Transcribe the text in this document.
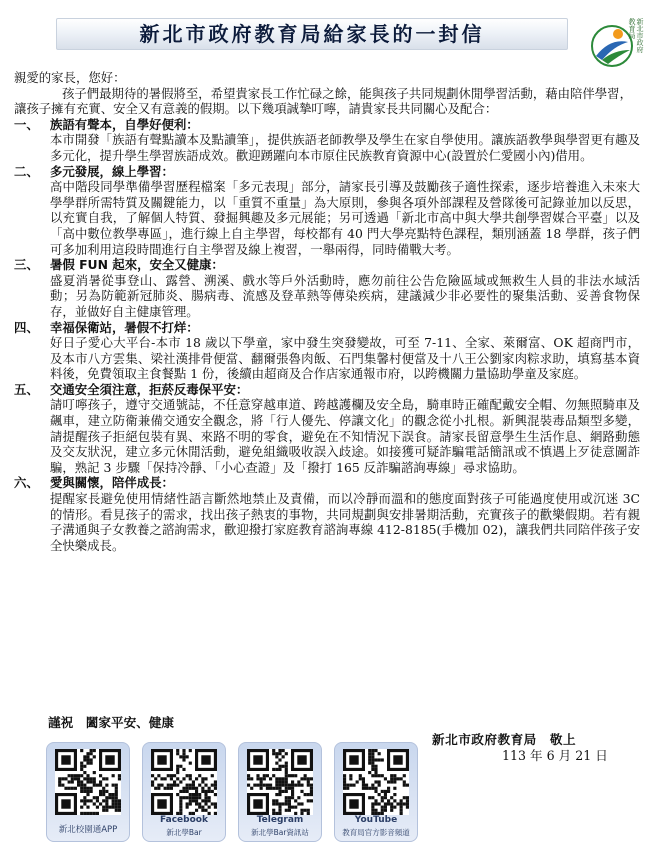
新北市政府教育局給家長的一封信	新北市政府教育局

親愛的家長，您好：

孩子們最期待的暑假將至，希望貴家長工作忙碌之餘，能與孩子共同規劃休閒學習活動，藉由陪伴學習，讓孩子擁有充實、安全又有意義的假期。以下幾項誠摯叮嚀，請貴家長共同關心及配合：

一、 族語有聲本，自學好便利：

本市開發「族語有聲點讀本及點讀筆」，提供族語老師教學及學生在家自學使用。讓族語教學與學習更有趣及多元化，提升學生學習族語成效。歡迎踴躍向本市原住民族教育資源中心(設置於仁愛國小內)借用。

二、 多元發展，線上學習：

高中階段同學準備學習歷程檔案「多元表現」部分，請家長引導及鼓勵孩子適性探索，逐步培養進入未來大學學群所需特質及關鍵能力，以「重質不重量」為大原則，參與各項外部課程及營隊後可記錄並加以反思，以充實自我，了解個人特質、發掘興趣及多元展能；另可透過「新北市高中與大學共創學習媒合平臺」以及「高中數位教學專區」，進行線上自主學習，每校都有 40 門大學亮點特色課程，類別涵蓋 18 學群，孩子們可多加利用這段時間進行自主學習及線上複習，一舉兩得，同時備戰大考。

三、 暑假 FUN 起來，安全又健康：

盛夏消暑從事登山、露營、溯溪、戲水等戶外活動時，應勿前往公告危險區域或無救生人員的非法水域活動；另為防範新冠肺炎、腸病毒、流感及登革熱等傳染疾病，建議減少非必要性的聚集活動、妥善食物保存，並做好自主健康管理。

四、 幸福保衛站，暑假不打烊：

好日子愛心大平台-本市 18 歲以下學童，家中發生突發變故，可至 7-11、全家、萊爾富、OK 超商門市，及本市八方雲集、梁社漢排骨便當、翻爾張魯肉飯、石門集馨村便當及十八王公劉家肉粽求助，填寫基本資料後，免費領取主食餐點 1 份，後續由超商及合作店家通報市府，以跨機關力量協助學童及家庭。

五、 交通安全須注意，拒菸反毒保平安：

請叮嚀孩子，遵守交通號誌，不任意穿越車道、跨越護欄及安全島，騎車時正確配戴安全帽、勿無照騎車及飆車，建立防衛兼備交通安全觀念，將「行人優先、停讓文化」的觀念從小扎根。新興混裝毒品類型多變，請提醒孩子拒絕包裝有異、來路不明的零食，避免在不知情況下誤食。請家長留意學生生活作息、網路動態及交友狀況，建立多元休閒活動，避免組織吸收誤入歧途。如接獲可疑詐騙電話簡訊或不慎遇上歹徒意圖詐騙，熟記 3 步驟「保持冷靜、「小心查證」及「撥打 165 反詐騙諮詢專線」尋求協助。

六、 愛與關懷，陪伴成長：

提醒家長避免使用情緒性語言斷然地禁止及責備，而以冷靜而溫和的態度面對孩子可能過度使用或沉迷 3C 的情形。看見孩子的需求，找出孩子熱衷的事物，共同規劃與安排暑期活動，充實孩子的歡樂假期。若有親子溝通與子女教養之諮詢需求，歡迎撥打家庭教育諮詢專線 412-8185(手機加 02)，讓我們共同陪伴孩子安全快樂成長。

謹祝　闔家平安、健康
新北市政府教育局　敬上
113 年 6 月 21 日
新北校園通APP
Facebook
新北學Bar
Telegram
新北學Bar資訊站
YouTube
教育局官方影音頻道
